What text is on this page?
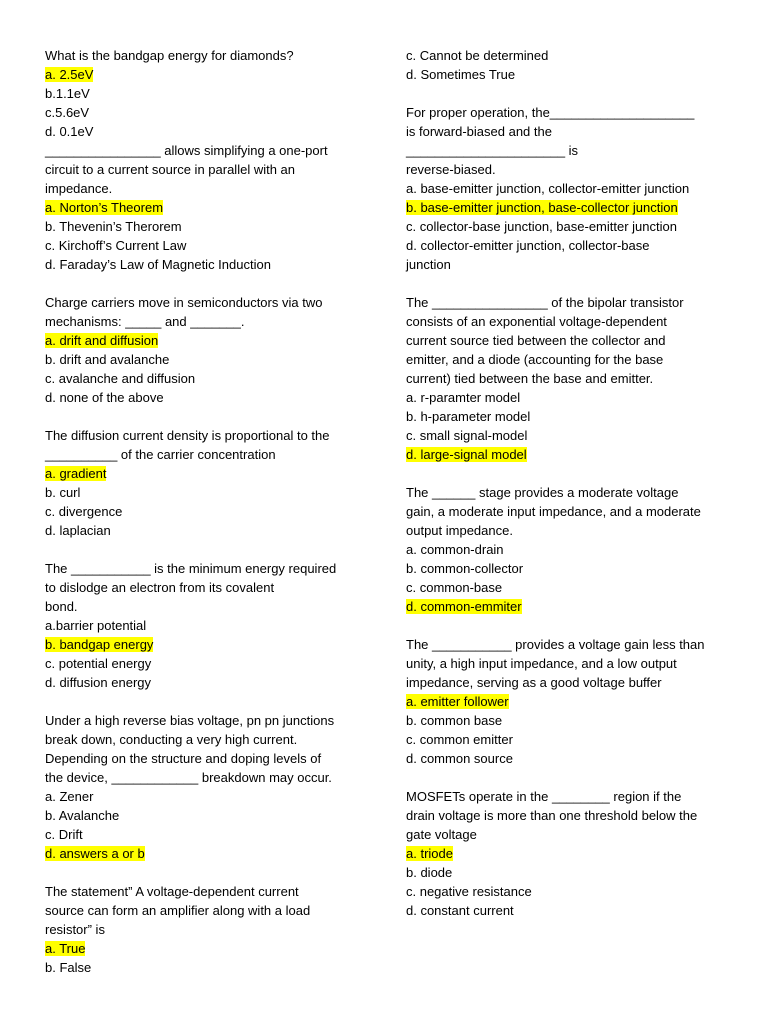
What is the bandgap energy for diamonds?
a. 2.5eV
b.1.1eV
c.5.6eV
d. 0.1eV
________________ allows simplifying a one-port
circuit to a current source in parallel with an
impedance.
a. Norton’s Theorem
b. Thevenin’s Therorem
c. Kirchoff’s Current Law
d. Faraday’s Law of Magnetic Induction
Charge carriers move in semiconductors via two
mechanisms: _____ and _______.
a. drift and diffusion
b. drift and avalanche
c. avalanche and diffusion
d. none of the above
The diffusion current density is proportional to the
__________ of the carrier concentration
a. gradient
b. curl
c. divergence
d. laplacian
The ___________ is the minimum energy required
to dislodge an electron from its covalent
bond.
a.barrier potential
b. bandgap energy
c. potential energy
d. diffusion energy
Under a high reverse bias voltage, pn pn junctions
break down, conducting a very high current.
Depending on the structure and doping levels of
the device, ____________ breakdown may occur.
a. Zener
b. Avalanche
c. Drift
d. answers a or b
The statement” A voltage-dependent current
source can form an amplifier along with a load
resistor” is
a. True
b. False
c. Cannot be determined
d. Sometimes True
For proper operation, the____________________
is forward-biased and the
______________________ is
reverse-biased.
a. base-emitter junction, collector-emitter junction
b. base-emitter junction, base-collector junction
c. collector-base junction, base-emitter junction
d. collector-emitter junction, collector-base
junction
The ________________ of the bipolar transistor
consists of an exponential voltage-dependent
current source tied between the collector and
emitter, and a diode (accounting for the base
current) tied between the base and emitter.
a. r-paramter model
b. h-parameter model
c. small signal-model
d. large-signal model
The ______ stage provides a moderate voltage
gain, a moderate input impedance, and a moderate
output impedance.
a. common-drain
b. common-collector
c. common-base
d. common-emmiter
The ___________ provides a voltage gain less than
unity, a high input impedance, and a low output
impedance, serving as a good voltage buffer
a. emitter follower
b. common base
c. common emitter
d. common source
MOSFETs operate in the ________ region if the
drain voltage is more than one threshold below the
gate voltage
a. triode
b. diode
c. negative resistance
d. constant current
